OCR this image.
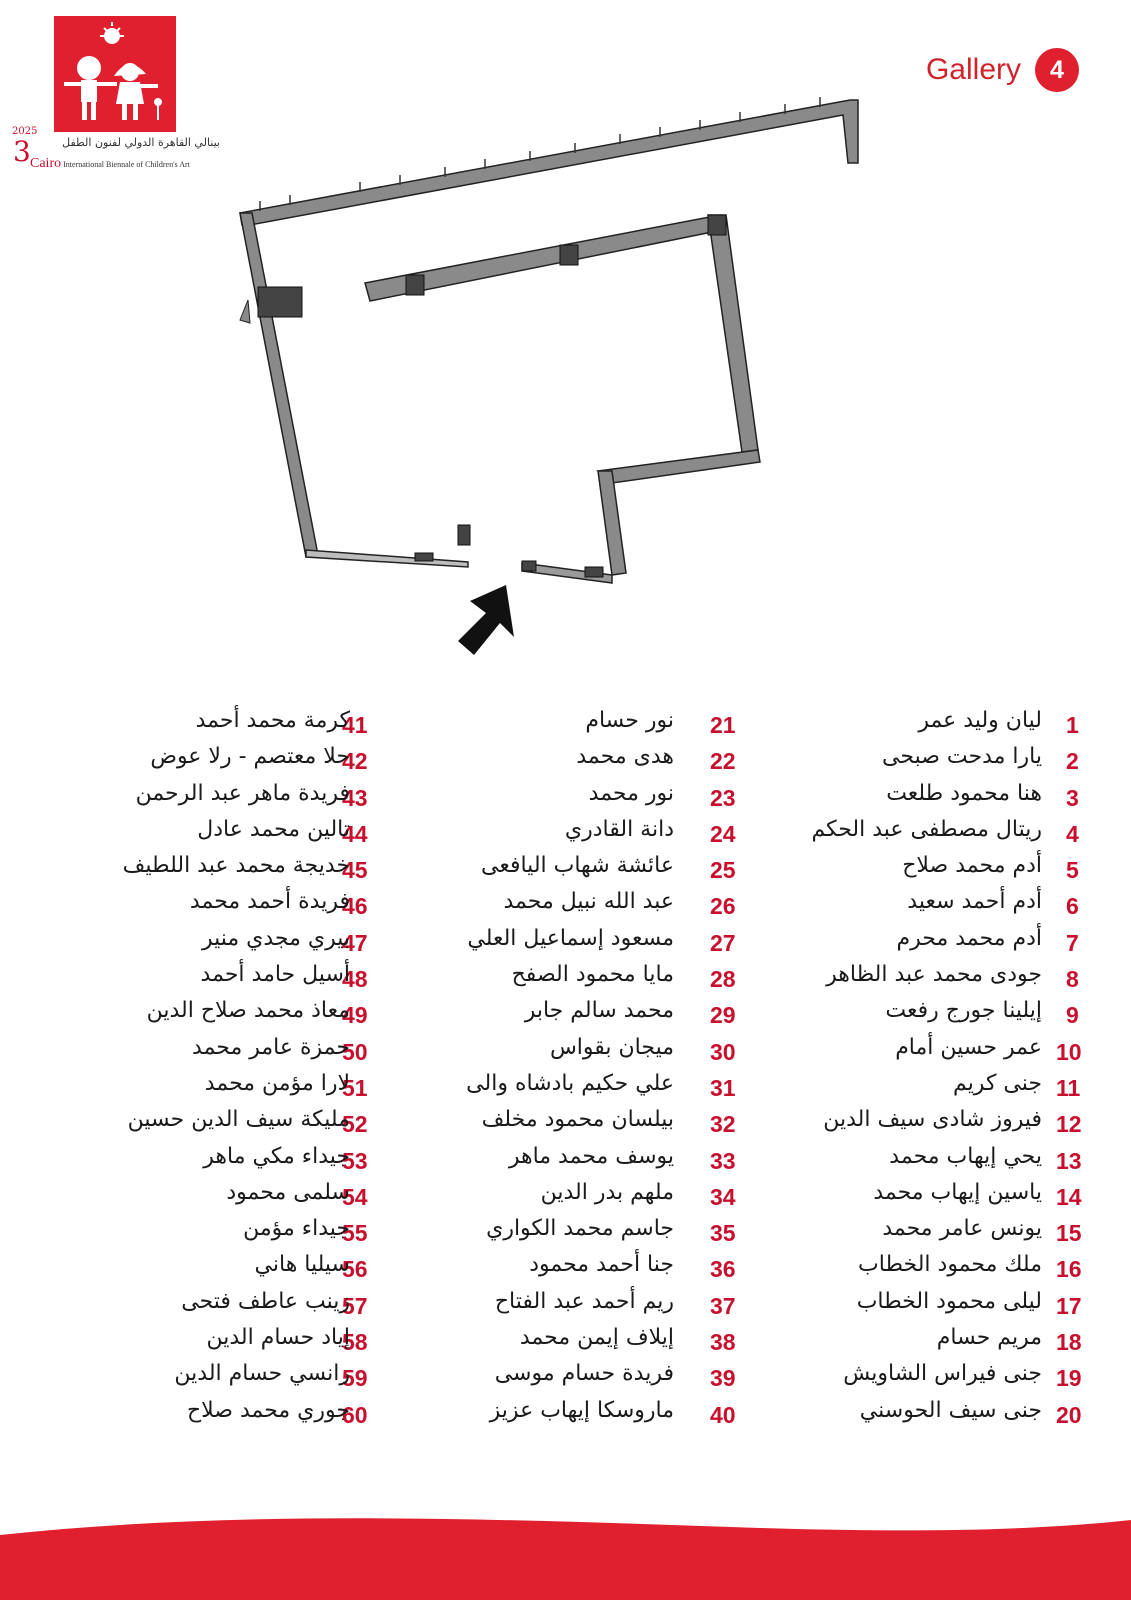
2025
بينالي القاهرة الدولي لفنون الطفل
3 Cairo International Biennale of Children's Art
Gallery	4
1
ليان وليد عمر
2
يارا مدحت صبحى
3
هنا محمود طلعت
4
ريتال مصطفى عبد الحكم
5
أدم محمد صلاح
6
أدم أحمد سعيد
7
أدم محمد محرم
8
جودى محمد عبد الظاهر
9
إيلينا جورج رفعت
10
عمر حسين أمام
11
جنى كريم
12
فيروز شادى سيف الدين
13
يحي إيهاب محمد
14
ياسين إيهاب محمد
15
يونس عامر محمد
16
ملك محمود الخطاب
17
ليلى محمود الخطاب
18
مريم حسام
19
جنى فيراس الشاويش
20
جنى سيف الحوسني
21
نور حسام
22
هدى محمد
23
نور محمد
24
دانة القادري
25
عائشة شهاب اليافعى
26
عبد الله نبيل محمد
27
مسعود إسماعيل العلي
28
مايا محمود الصفح
29
محمد سالم جابر
30
ميجان بقواس
31
علي حكيم بادشاه والى
32
بيلسان محمود مخلف
33
يوسف محمد ماهر
34
ملهم بدر الدين
35
جاسم محمد الكواري
36
جنا أحمد محمود
37
ريم أحمد عبد الفتاح
38
إيلاف إيمن محمد
39
فريدة حسام موسى
40
ماروسكا إيهاب عزيز
41
كرمة محمد أحمد
42
حلا معتصم - رلا عوض
43
فريدة ماهر عبد الرحمن
44
تالين محمد عادل
45
خديجة محمد عبد اللطيف
46
فريدة أحمد محمد
47
بيري مجدي منير
48
أسيل حامد أحمد
49
معاذ محمد صلاح الدين
50
حمزة عامر محمد
51
لارا مؤمن محمد
52
مليكة سيف الدين حسين
53
جيداء مكي ماهر
54
سلمى محمود
55
جيداء مؤمن
56
سيليا هاني
57
زينب عاطف فتحى
58
إياد حسام الدين
59
رانسي حسام الدين
60
جوري محمد صلاح
